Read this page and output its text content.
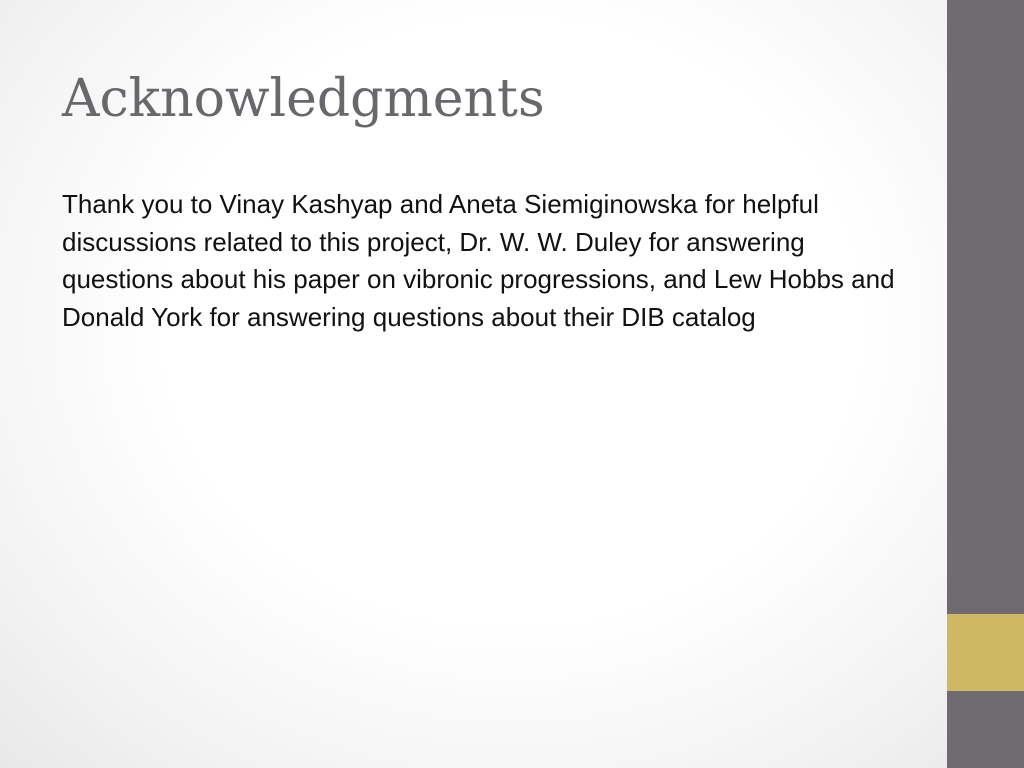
Acknowledgments

Thank you to Vinay Kashyap and Aneta Siemiginowska for helpful discussions related to this project, Dr. W. W. Duley for answering questions about his paper on vibronic progressions, and Lew Hobbs and Donald York for answering questions about their DIB catalog
